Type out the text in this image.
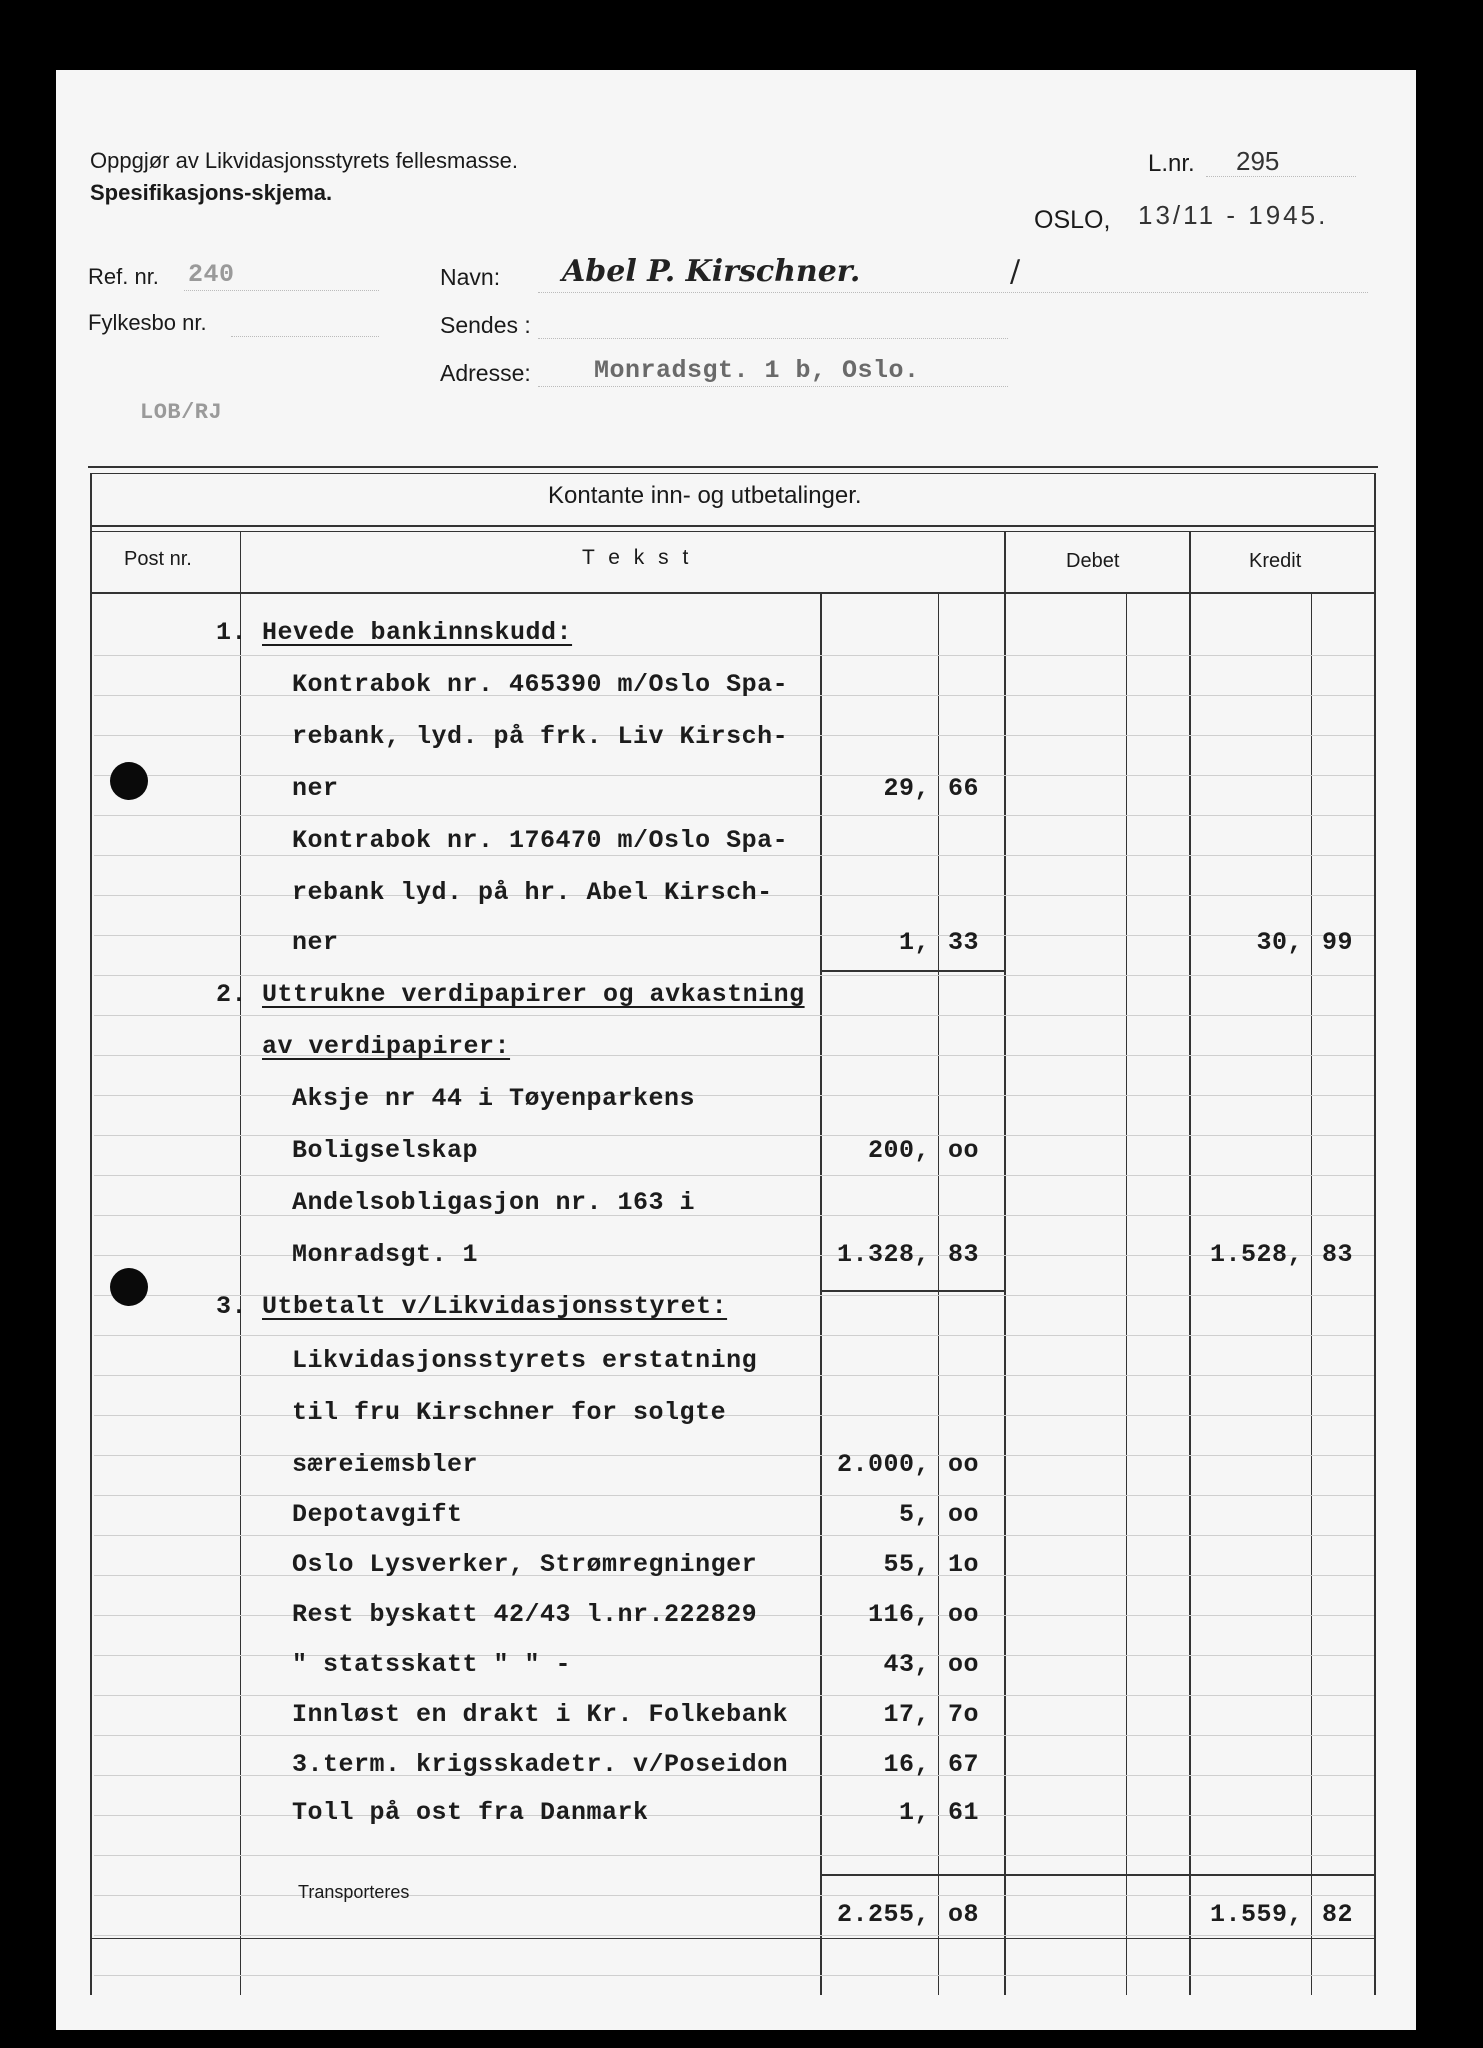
Oppgjør av Likvidasjonsstyrets fellesmasse.
Spesifikasjons-skjema.
L.nr. 295
OSLO, 13/11 - 1945.
Ref. nr. 240
Fylkesbo nr.
LOB/RJ
Navn: Abel P. Kirschner.	/
Sendes :
Adresse:	Monradsgt. 1 b, Oslo.
Kontante inn- og utbetalinger.
Post nr.	T e k s t	Debet	Kredit
1. Hevede bankinnskudd:
Kontrabok nr. 465390 m/Oslo Spa-
rebank, lyd. på frk. Liv Kirsch-
ner	29, 66
Kontrabok nr. 176470 m/Oslo Spa-
rebank lyd. på hr. Abel Kirsch-
ner	1, 33	30, 99
2. Uttrukne verdipapirer og avkastning
av verdipapirer:
Aksje nr 44 i Tøyenparkens
Boligselskap	200, oo
Andelsobligasjon nr. 163 i
Monradsgt. 1	1.328, 83	1.528, 83
3. Utbetalt v/Likvidasjonsstyret:
Likvidasjonsstyrets erstatning
til fru Kirschner for solgte
særeiemsbler	2.000, oo
Depotavgift	5, oo
Oslo Lysverker, Strømregninger	55, 1o
Rest byskatt 42/43 l.nr.222829	116, oo
" statsskatt " " -	43, oo
Innløst en drakt i Kr. Folkebank	17, 7o
3.term. krigsskadetr. v/Poseidon	16, 67
Toll på ost fra Danmark	1, 61
Transporteres
2.255, o8	1.559, 82
